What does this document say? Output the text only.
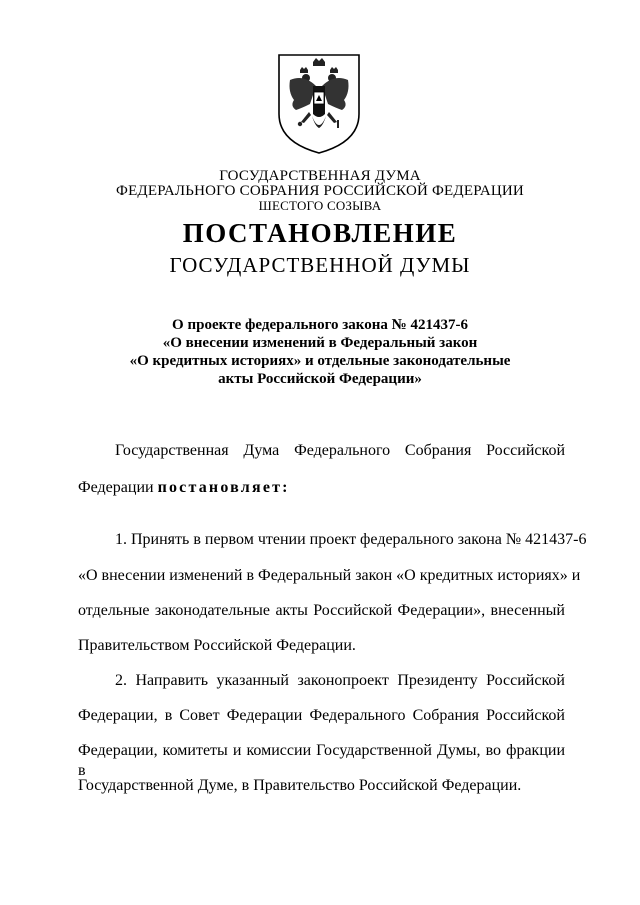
ГОСУДАРСТВЕННАЯ ДУМА
ФЕДЕРАЛЬНОГО СОБРАНИЯ РОССИЙСКОЙ ФЕДЕРАЦИИ
ШЕСТОГО СОЗЫВА
ПОСТАНОВЛЕНИЕ
ГОСУДАРСТВЕННОЙ ДУМЫ
О проекте федерального закона № 421437-6
«О внесении изменений в Федеральный закон
«О кредитных историях» и отдельные законодательные
акты Российской Федерации»
Государственная Дума Федерального Собрания Российской
Федерации постановляет:
1. Принять в первом чтении проект федерального закона № 421437-6
«О внесении изменений в Федеральный закон «О кредитных историях» и
отдельные законодательные акты Российской Федерации», внесенный
Правительством Российской Федерации.
2. Направить указанный законопроект Президенту Российской
Федерации, в Совет Федерации Федерального Собрания Российской
Федерации, комитеты и комиссии Государственной Думы, во фракции в
Государственной Думе, в Правительство Российской Федерации.
